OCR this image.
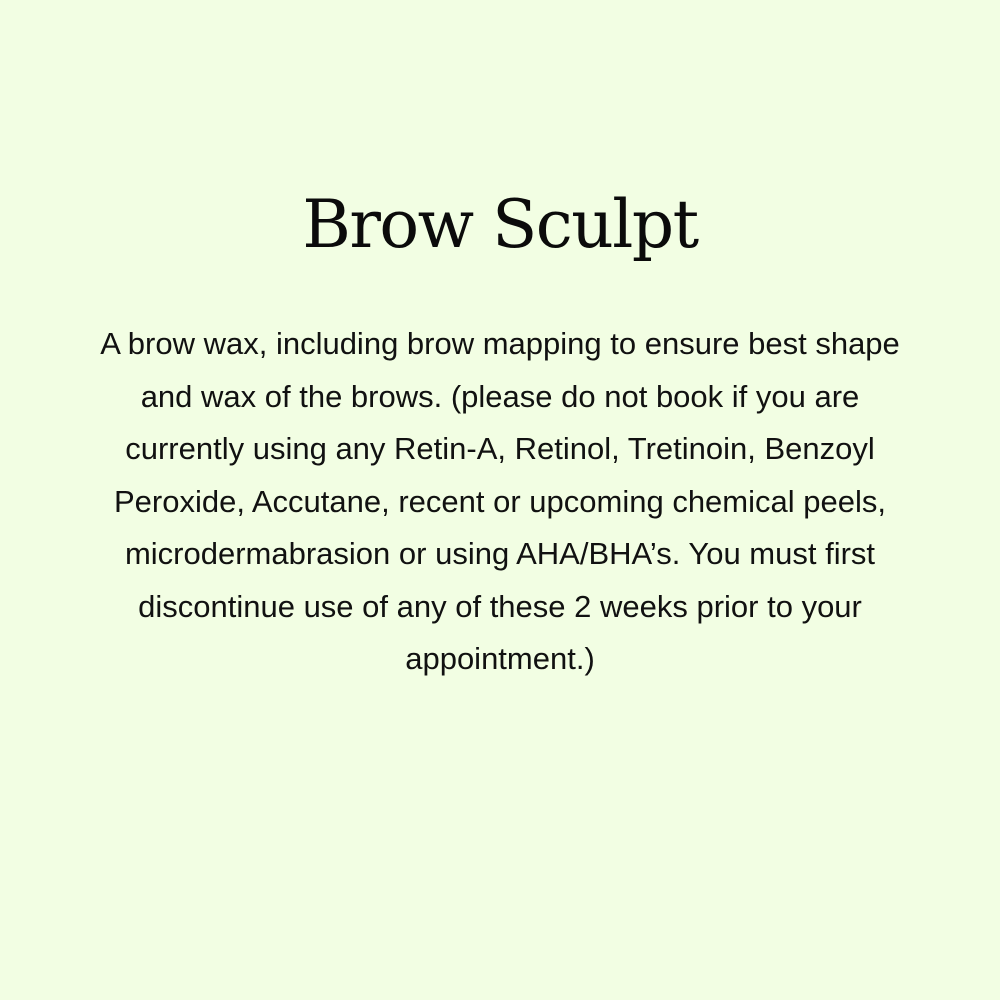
Brow Sculpt

A brow wax, including brow mapping to ensure best shape
and wax of the brows. (please do not book if you are
currently using any Retin-A, Retinol, Tretinoin, Benzoyl
Peroxide, Accutane, recent or upcoming chemical peels,
microdermabrasion or using AHA/BHA’s. You must first
discontinue use of any of these 2 weeks prior to your
appointment.)
